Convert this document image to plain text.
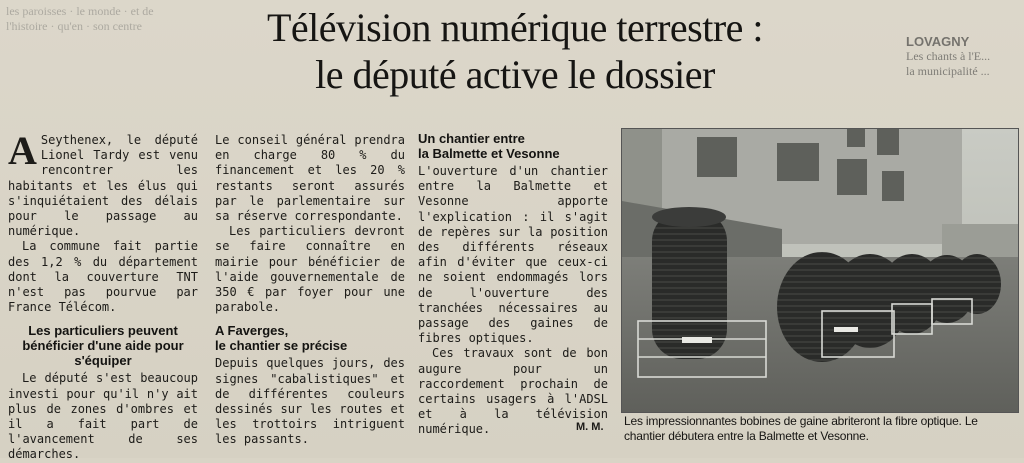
les paroisses · le monde · et de l'histoire · qu'en · son centre
LOVAGNY
Les chants à l'E...
la municipalité ...
Télévision numérique terrestre :
le député active le dossier

A Seythenex, le député Lionel Tardy est venu rencontrer les habitants et les élus qui s'inquiétaient des délais pour le passage au numérique.

La commune fait partie des 1,2 % du département dont la couverture TNT n'est pas pourvue par France Télécom.

Les particuliers peuvent bénéficier d'une aide pour s'équiper

Le député s'est beaucoup investi pour qu'il n'y ait plus de zones d'ombres et il a fait part de l'avancement de ses démarches.

Le conseil général prendra en charge 80 % du financement et les 20 % restants seront assurés par le parlementaire sur sa réserve correspondante.

Les particuliers devront se faire connaître en mairie pour bénéficier de l'aide gouvernementale de 350 € par foyer pour une parabole.

A Faverges,
le chantier se précise

Depuis quelques jours, des signes "cabalistiques" et de différentes couleurs dessinés sur les routes et les trottoirs intriguent les passants.

Un chantier entre
la Balmette et Vesonne

L'ouverture d'un chantier entre la Balmette et Vesonne apporte l'explication : il s'agit de repères sur la position des différents réseaux afin d'éviter que ceux-ci ne soient endommagés lors de l'ouverture des tranchées nécessaires au passage des gaines de fibres optiques.

Ces travaux sont de bon augure pour un raccordement prochain de certains usagers à l'ADSL et à la télévision numérique.	M. M. Les impressionnantes bobines de gaine abriteront la fibre optique. Le chantier débutera entre la Balmette et Vesonne.
